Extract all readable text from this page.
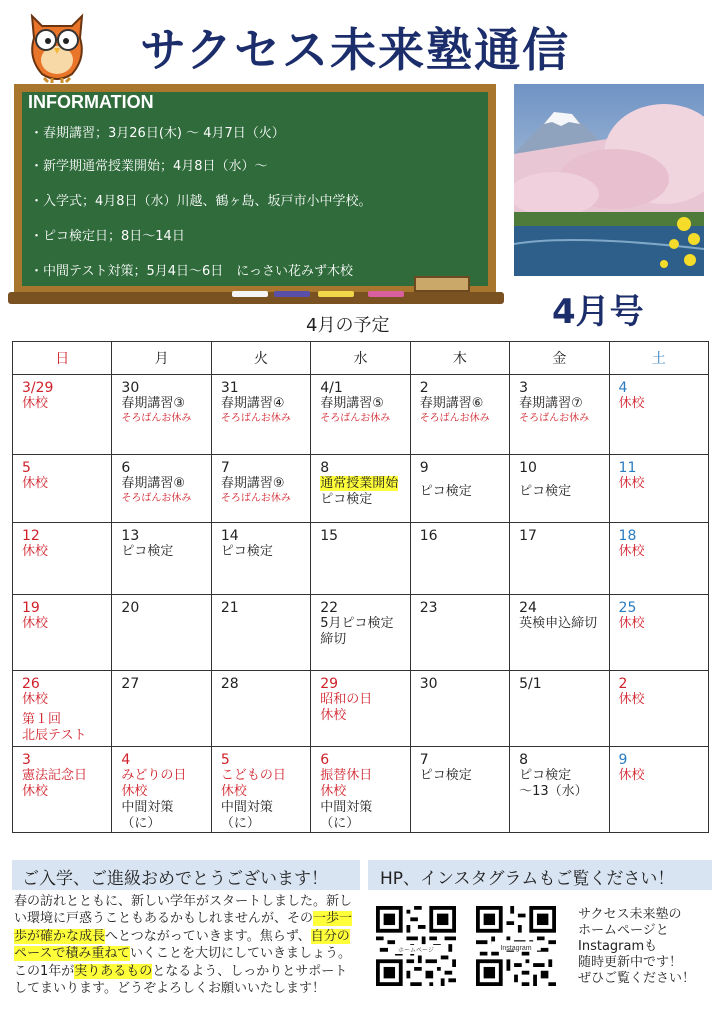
サクセス未来塾通信
INFORMATION
・春期講習；3月26日(木) 〜 4月7日（火）
・新学期通常授業開始；4月8日（水）〜
・入学式；4月8日（水）川越、鶴ヶ島、坂戸市小中学校。
・ピコ検定日；8日〜14日
・中間テスト対策；5月4日〜6日　にっさい花みず木校
4月号
4月の予定
日	月	火	水	木	金	土

3/29
休校	30
春期講習③
そろばんお休み	31
春期講習④
そろばんお休み	4/1
春期講習⑤
そろばんお休み	2
春期講習⑥
そろばんお休み	3
春期講習⑦
そろばんお休み	4
休校

5
休校	6
春期講習⑧
そろばんお休み	7
春期講習⑨
そろばんお休み	8
通常授業開始
ピコ検定	9
ピコ検定	10
ピコ検定	11
休校

12
休校	13
ピコ検定	14
ピコ検定	15	16	17	18
休校

19
休校	20	21	22
5月ピコ検定
締切	23	24
英検申込締切	25
休校

26
休校
第１回
北辰テスト	27	28	29
昭和の日
休校	30	5/1	2
休校

3
憲法記念日
休校	4
みどりの日
休校
中間対策
（に）	5
こどもの日
休校
中間対策
（に）	6
振替休日
休校
中間対策
（に）	7
ピコ検定	8
ピコ検定
〜13（水）	9
休校
ご入学、ご進級おめでとうございます！
春の訪れとともに、新しい学年がスタートしました。新しい環境に戸惑うこともあるかもしれませんが、その一歩一歩が確かな成長へとつながっていきます。焦らず、自分のペースで積み重ねていくことを大切にしていきましょう。この1年が実りあるものとなるよう、しっかりとサポートしてまいります。どうぞよろしくお願いいたします！
HP、インスタグラムもご覧ください！
Instagram
ホームページ
サクセス未来塾の
ホームページと
Instagramも
随時更新中です！
ぜひご覧ください！
